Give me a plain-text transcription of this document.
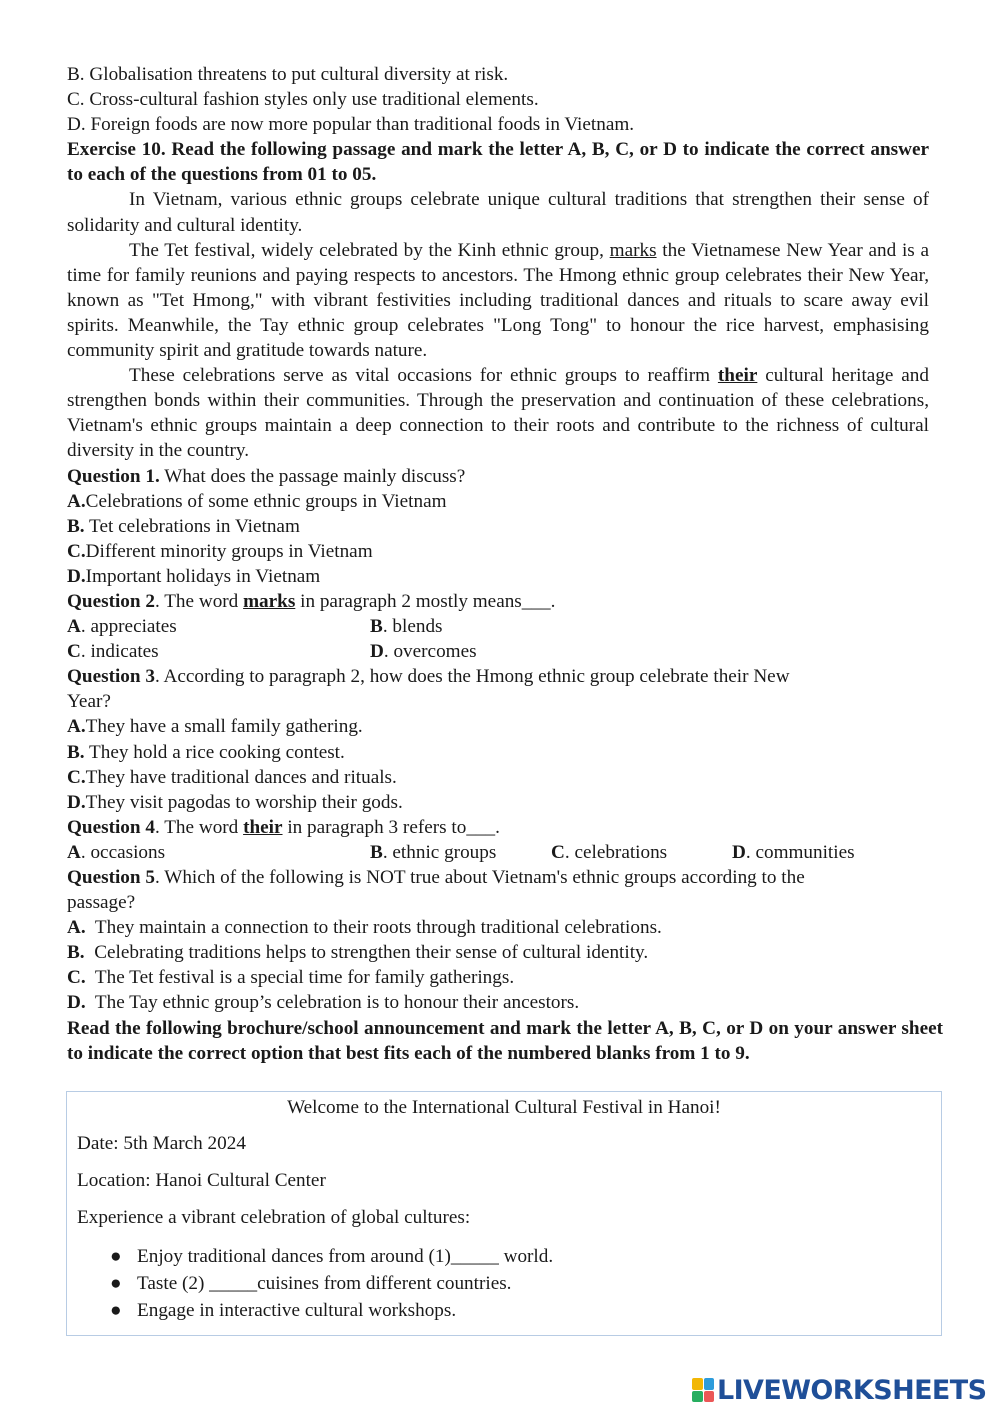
B. Globalisation threatens to put cultural diversity at risk.
C. Cross-cultural fashion styles only use traditional elements.
D. Foreign foods are now more popular than traditional foods in Vietnam.
Exercise 10. Read the following passage and mark the letter A, B, C, or D to indicate the correct answer to each of the questions from 01 to 05.
In Vietnam, various ethnic groups celebrate unique cultural traditions that strengthen their sense of solidarity and cultural identity.
The Tet festival, widely celebrated by the Kinh ethnic group, marks the Vietnamese New Year and is a time for family reunions and paying respects to ancestors. The Hmong ethnic group celebrates their New Year, known as "Tet Hmong," with vibrant festivities including traditional dances and rituals to scare away evil spirits. Meanwhile, the Tay ethnic group celebrates "Long Tong" to honour the rice harvest, emphasising community spirit and gratitude towards nature.
These celebrations serve as vital occasions for ethnic groups to reaffirm their cultural heritage and strengthen bonds within their communities. Through the preservation and continuation of these celebrations, Vietnam's ethnic groups maintain a deep connection to their roots and contribute to the richness of cultural diversity in the country.
Question 1. What does the passage mainly discuss?
A.Celebrations of some ethnic groups in Vietnam
B. Tet celebrations in Vietnam
C.Different minority groups in Vietnam
D.Important holidays in Vietnam
Question 2. The word marks in paragraph 2 mostly means___.
A. appreciates	B. blends
C. indicates	D. overcomes
Question 3. According to paragraph 2, how does the Hmong ethnic group celebrate their New
Year?
A.They have a small family gathering.
B. They hold a rice cooking contest.
C.They have traditional dances and rituals.
D.They visit pagodas to worship their gods.
Question 4. The word their in paragraph 3 refers to___.
A. occasions	B. ethnic groups	C. celebrations	D. communities
Question 5. Which of the following is NOT true about Vietnam's ethnic groups according to the
passage?
A.  They maintain a connection to their roots through traditional celebrations.
B.  Celebrating traditions helps to strengthen their sense of cultural identity.
C.  The Tet festival is a special time for family gatherings.
D.  The Tay ethnic group’s celebration is to honour their ancestors.
Read the following brochure/school announcement and mark the letter A, B, C, or D on your answer sheet to indicate the correct option that best fits each of the numbered blanks from 1 to 9.
Welcome to the International Cultural Festival in Hanoi!
Date: 5th March 2024
Location: Hanoi Cultural Center
Experience a vibrant celebration of global cultures:
● Enjoy traditional dances from around (1)_____ world.
● Taste (2) _____cuisines from different countries.
● Engage in interactive cultural workshops.
LIVEWORKSHEETS
